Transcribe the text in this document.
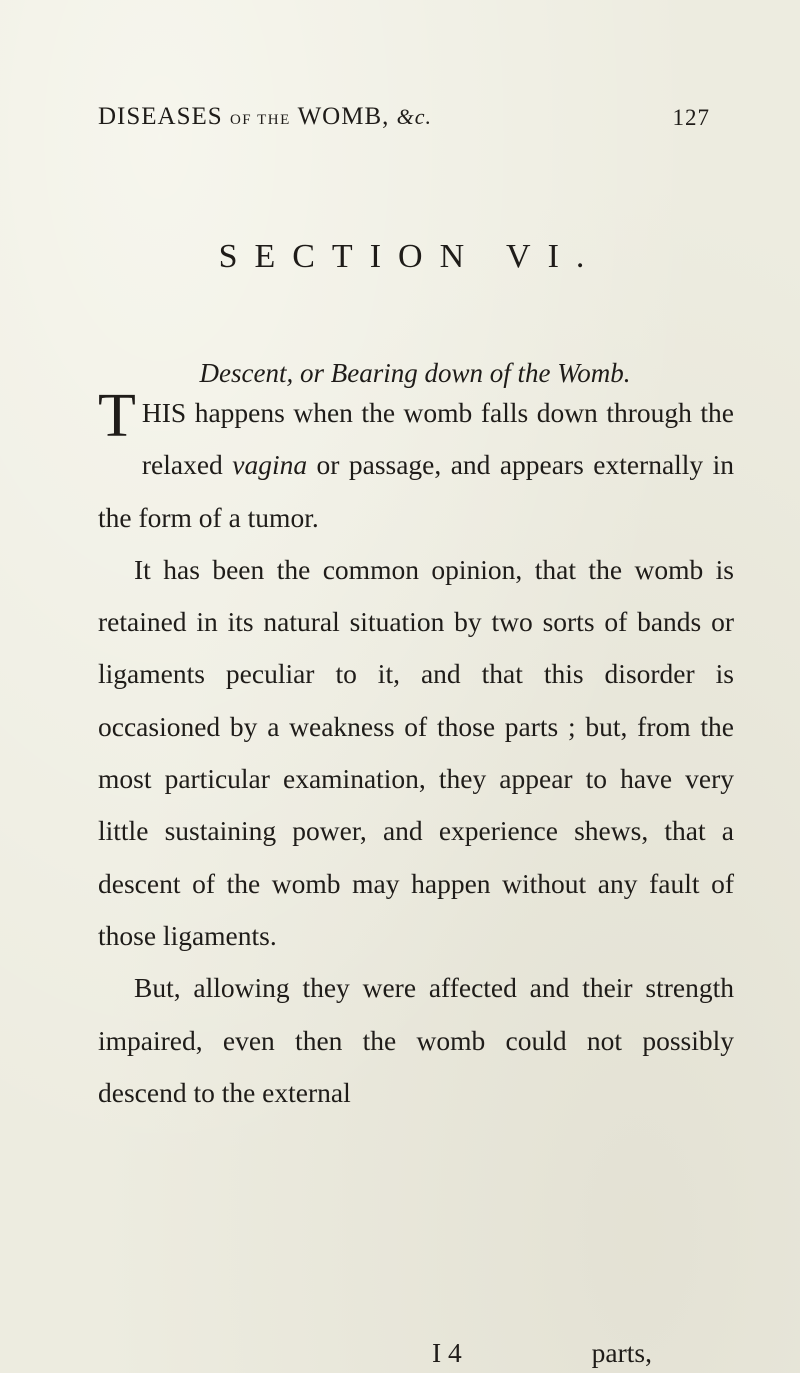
DISEASES OF THE WOMB, &c.	127
SECTION VI.
Descent, or Bearing down of the Womb.

THIS happens when the womb falls down through the relaxed vagina or passage, and appears externally in the form of a tumor.

It has been the common opinion, that the womb is retained in its natural situation by two sorts of bands or ligaments peculiar to it, and that this disorder is occasioned by a weakness of those parts ; but, from the most particular examination, they appear to have very little sustaining power, and experience shews, that a descent of the womb may happen without any fault of those ligaments.

But, allowing they were affected and their strength impaired, even then the womb could not possibly descend to the external

I 4	parts,
